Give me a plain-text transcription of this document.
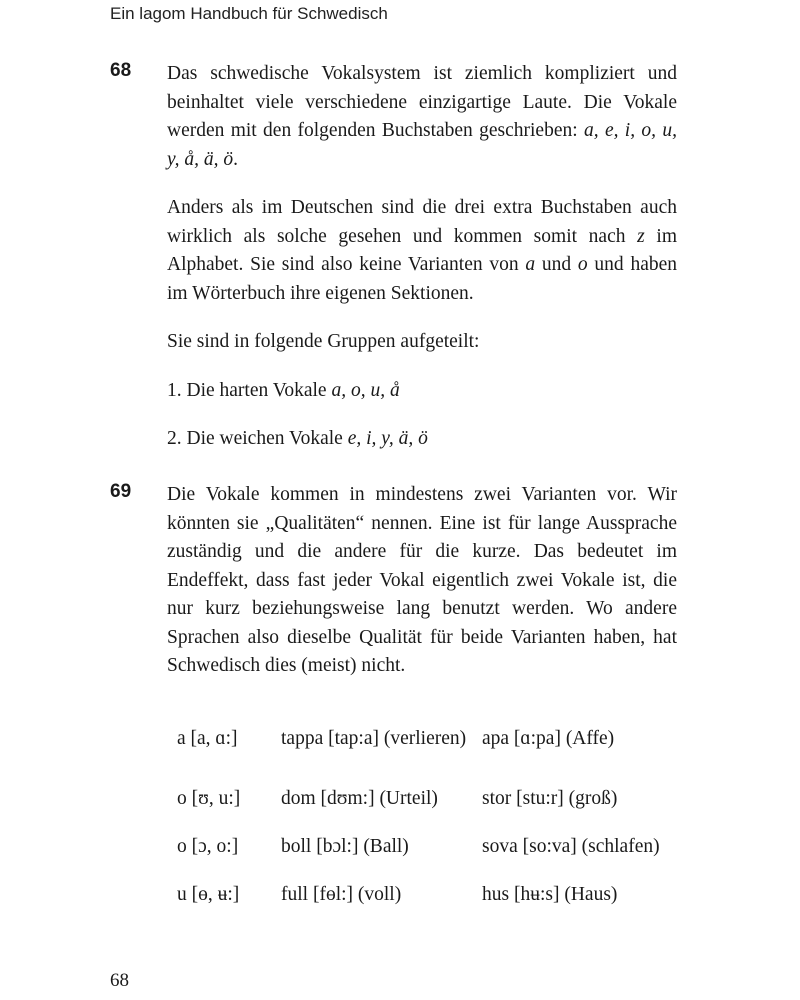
Ein lagom Handbuch für Schwedisch
68 Das schwedische Vokalsystem ist ziemlich kompliziert und beinhaltet viele verschiedene einzigartige Laute. Die Vokale werden mit den folgenden Buchstaben geschrieben: a, e, i, o, u, y, å, ä, ö.

Anders als im Deutschen sind die drei extra Buchstaben auch wirklich als solche gesehen und kommen somit nach z im Alphabet. Sie sind also keine Varianten von a und o und haben im Wörterbuch ihre eigenen Sektionen.

Sie sind in folgende Gruppen aufgeteilt:

1. Die harten Vokale a, o, u, å

2. Die weichen Vokale e, i, y, ä, ö

69 Die Vokale kommen in mindestens zwei Varianten vor. Wir könnten sie „Qualitäten“ nennen. Eine ist für lange Aussprache zuständig und die andere für die kurze. Das bedeutet im Endeffekt, dass fast jeder Vokal eigentlich zwei Vokale ist, die nur kurz beziehungsweise lang benutzt werden. Wo andere Sprachen also dieselbe Qualität für beide Varianten haben, hat Schwedisch dies (meist) nicht.

a [a, ɑ:]	tappa [tap:a] (verlieren)	apa [ɑ:pa] (Affe)
o [ʊ, u:]	dom [dʊm:] (Urteil)	stor [stu:r] (groß)
o [ɔ, o:]	boll [bɔl:] (Ball)	sova [so:va] (schlafen)
u [ɵ, ʉ:]	full [fɵl:] (voll)	hus [hʉ:s] (Haus)
68
